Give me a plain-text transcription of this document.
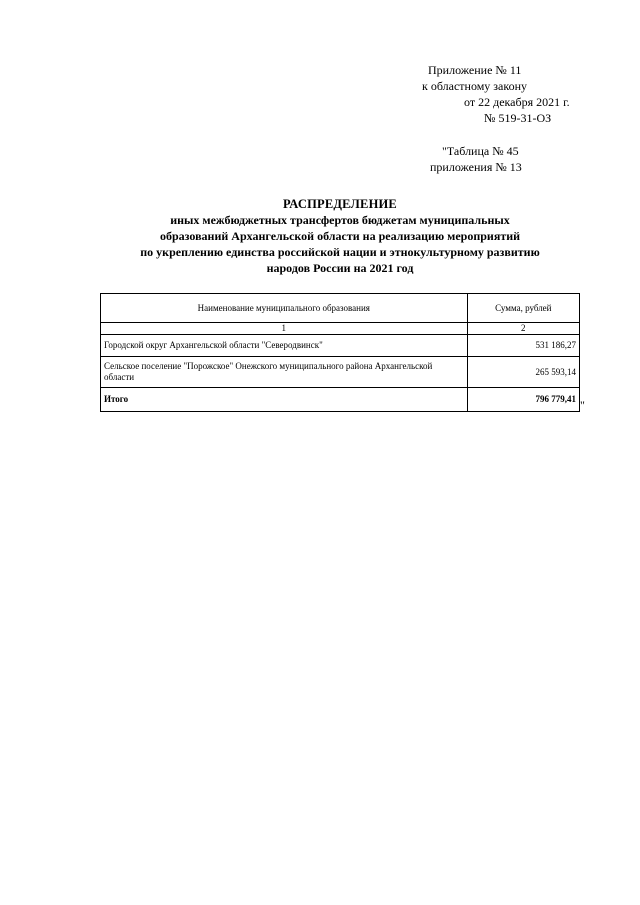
Приложение № 11
к областному закону
от 22 декабря 2021 г.
№ 519-31-ОЗ
"Таблица № 45
приложения № 13
РАСПРЕДЕЛЕНИЕ
иных межбюджетных трансфертов бюджетам муниципальных
образований Архангельской области на реализацию мероприятий
по укреплению единства российской нации и этнокультурному развитию
народов России на 2021 год
Наименование муниципального образования	Сумма, рублей
1	2
Городской округ Архангельской области "Северодвинск"	531 186,27
Сельское поселение "Порожское" Онежского муниципального района Архангельской области	265 593,14
Итого	796 779,41 "
